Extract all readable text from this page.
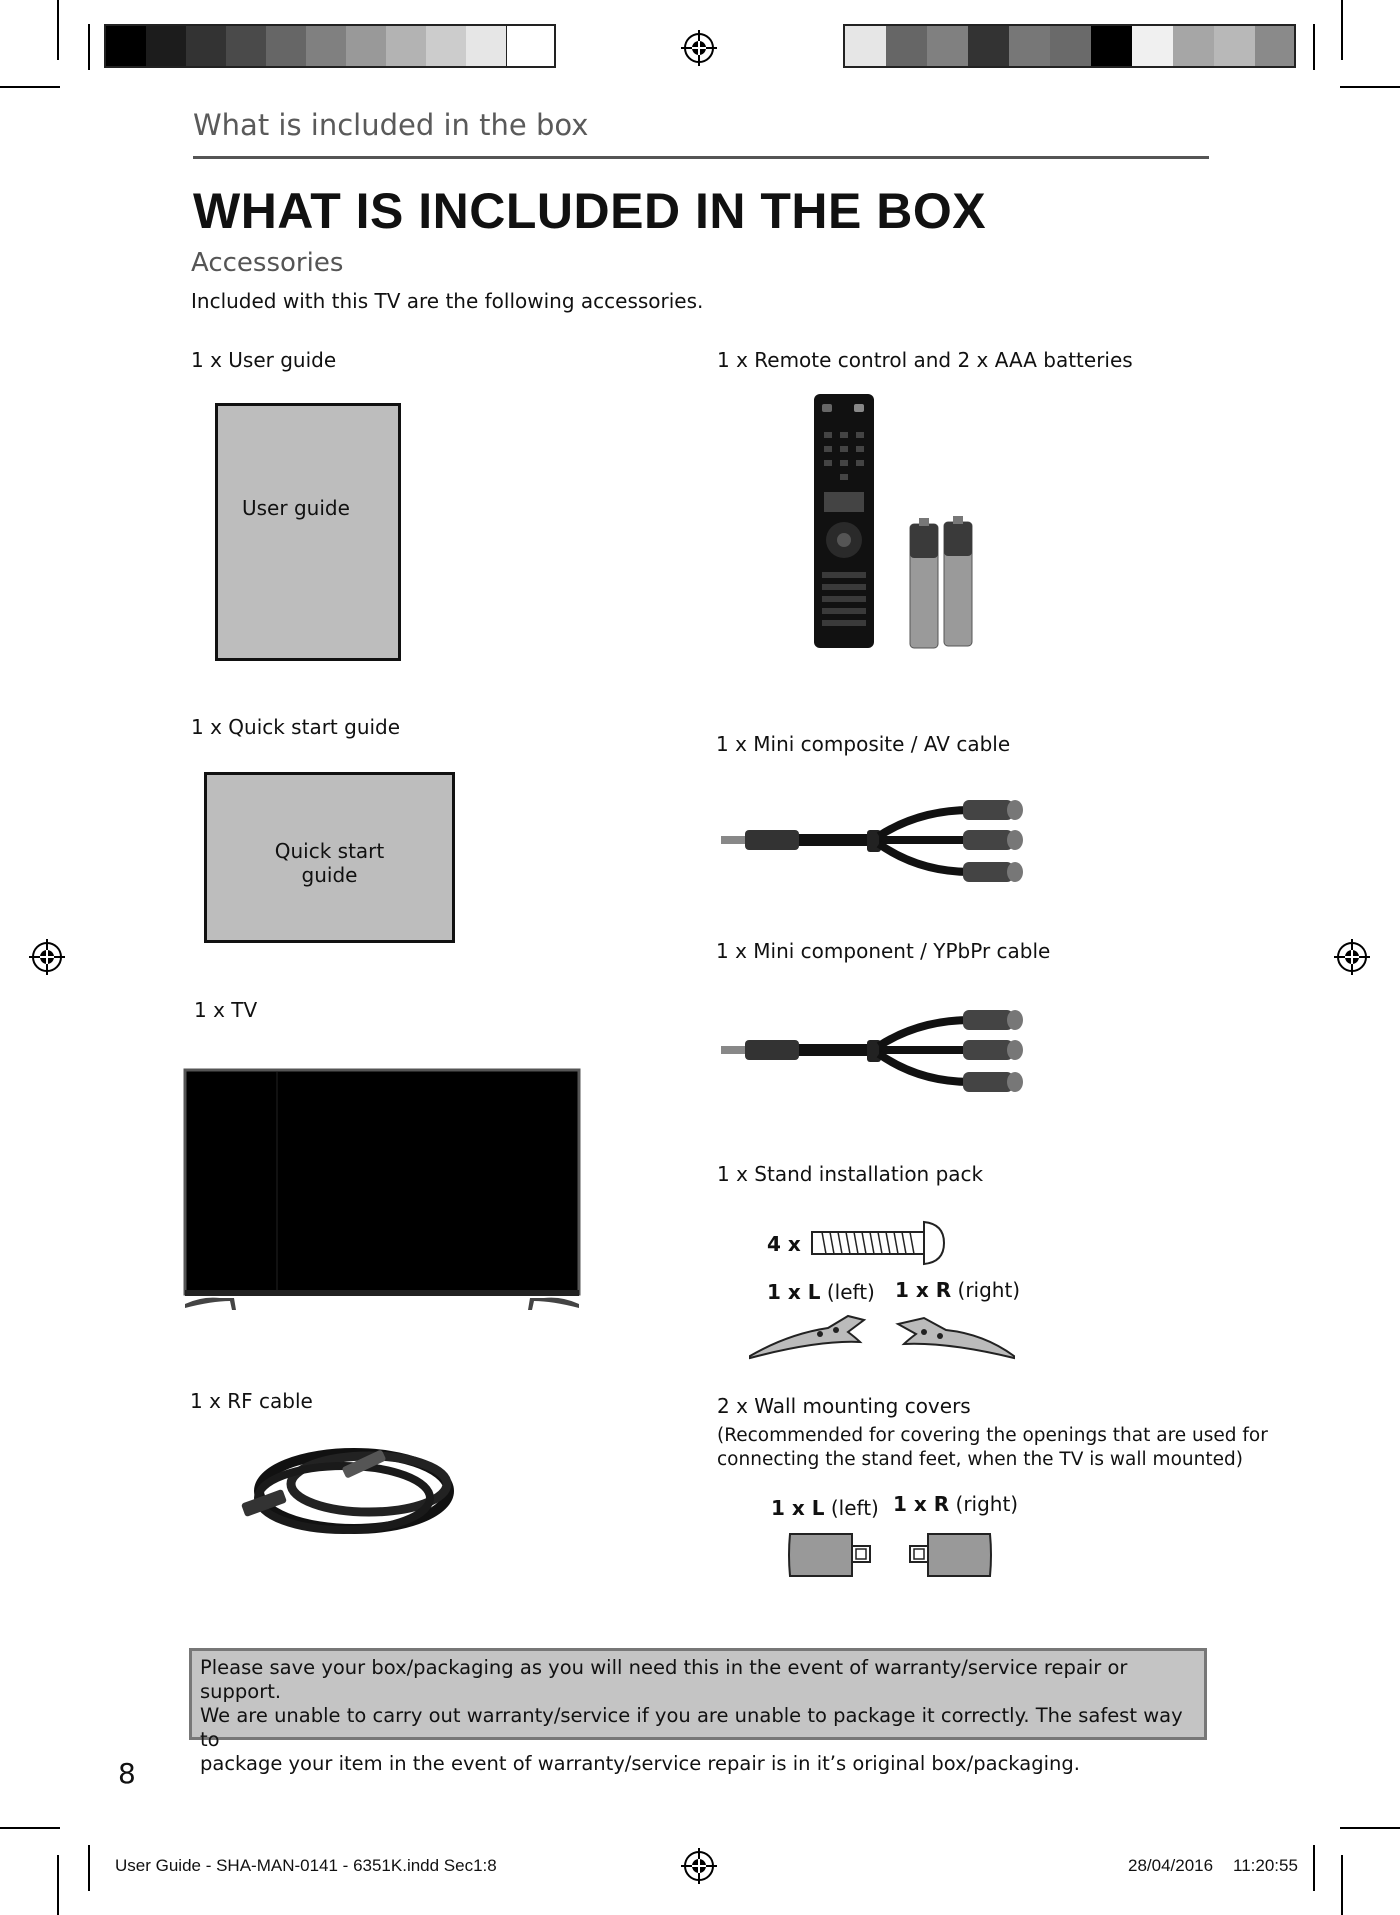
What is included in the box
WHAT IS INCLUDED IN THE BOX
Accessories
Included with this TV are the following accessories.
1 x User guide
User guide
1 x Quick start guide
Quick start
guide
1 x TV
1 x RF cable
1 x Remote control and 2 x AAA batteries
1 x Mini composite / AV cable
1 x Mini component / YPbPr cable
1 x Stand installation pack
4 x
1 x L (left) 1 x R (right)
2 x Wall mounting covers
(Recommended for covering the openings that are used for
connecting the stand feet, when the TV is wall mounted)
1 x L (left) 1 x R (right)

Please save your box/packaging as you will need this in the event of warranty/service repair or support.

We are unable to carry out warranty/service if you are unable to package it correctly. The safest way to

package your item in the event of warranty/service repair is in it’s original box/packaging.

8
User Guide - SHA-MAN-0141 - 6351K.indd Sec1:8	28/04/2016 11:20:55
